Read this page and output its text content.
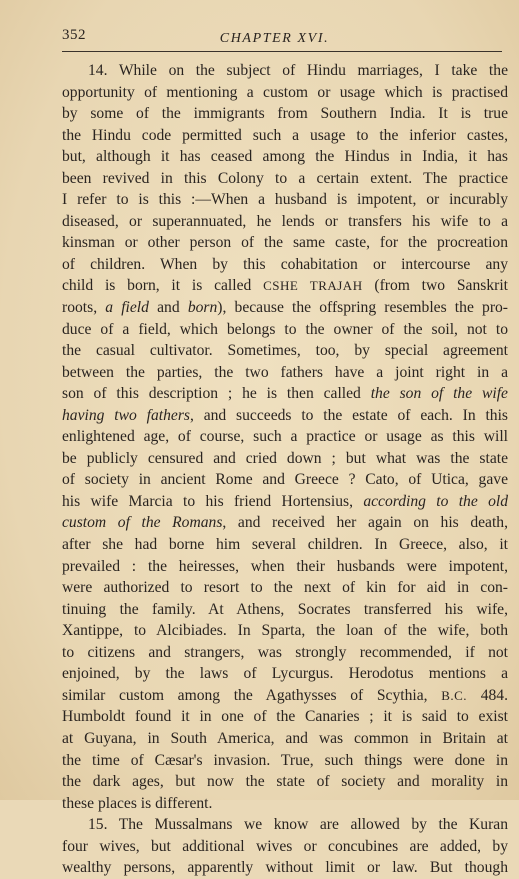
352	CHAPTER XVI.
14. While on the subject of Hindu marriages, I take the
opportunity of mentioning a custom or usage which is practised
by some of the immigrants from Southern India. It is true
the Hindu code permitted such a usage to the inferior castes,
but, although it has ceased among the Hindus in India, it has
been revived in this Colony to a certain extent. The practice
I refer to is this :—When a husband is impotent, or incurably
diseased, or superannuated, he lends or transfers his wife to a
kinsman or other person of the same caste, for the procreation
of children. When by this cohabitation or intercourse any
child is born, it is called CSHE TRAJAH (from two Sanskrit
roots, a field and born), because the offspring resembles the pro-
duce of a field, which belongs to the owner of the soil, not to
the casual cultivator. Sometimes, too, by special agreement
between the parties, the two fathers have a joint right in a
son of this description ; he is then called the son of the wife
having two fathers, and succeeds to the estate of each. In this
enlightened age, of course, such a practice or usage as this will
be publicly censured and cried down ; but what was the state
of society in ancient Rome and Greece ? Cato, of Utica, gave
his wife Marcia to his friend Hortensius, according to the old
custom of the Romans, and received her again on his death,
after she had borne him several children. In Greece, also, it
prevailed : the heiresses, when their husbands were impotent,
were authorized to resort to the next of kin for aid in con-
tinuing the family. At Athens, Socrates transferred his wife,
Xantippe, to Alcibiades. In Sparta, the loan of the wife, both
to citizens and strangers, was strongly recommended, if not
enjoined, by the laws of Lycurgus. Herodotus mentions a
similar custom among the Agathysses of Scythia, B.C. 484.
Humboldt found it in one of the Canaries ; it is said to exist
at Guyana, in South America, and was common in Britain at
the time of Cæsar's invasion. True, such things were done in
the dark ages, but now the state of society and morality in
these places is different.
15. The Mussalmans we know are allowed by the Kuran
four wives, but additional wives or concubines are added, by
wealthy persons, apparently without limit or law. But though
